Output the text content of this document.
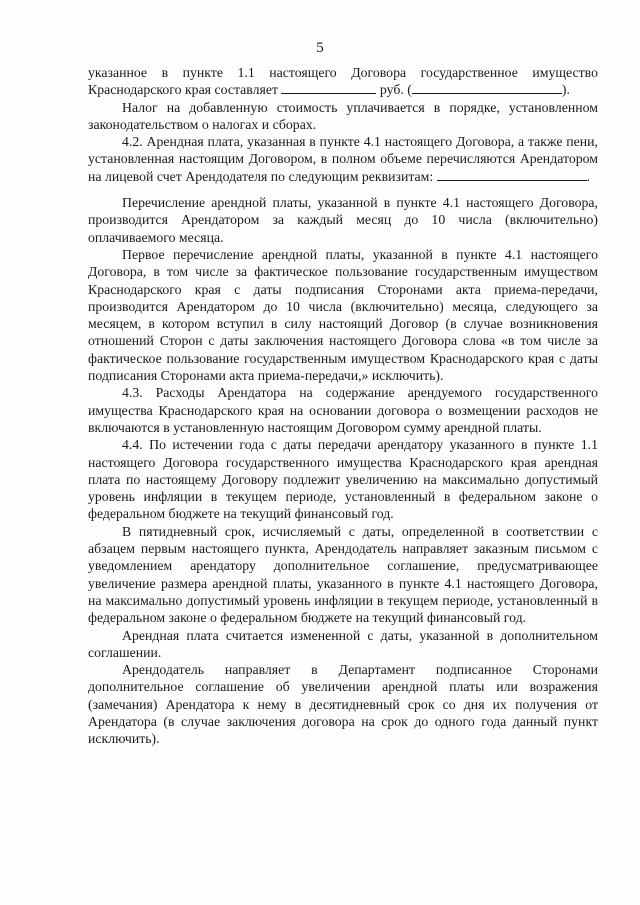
5

указанное в пункте 1.1 настоящего Договора государственное имущество Краснодарского края составляет	руб. (	).

Налог на добавленную стоимость уплачивается в порядке, установленном законодательством о налогах и сборах.

4.2. Арендная плата, указанная в пункте 4.1 настоящего Договора, а также пени, установленная настоящим Договором, в полном объеме перечисляются Арендатором на лицевой счет Арендодателя по следующим реквизитам:	.

Перечисление арендной платы, указанной в пункте 4.1 настоящего Договора, производится Арендатором за каждый месяц до 10 числа (включительно) оплачиваемого месяца.

Первое перечисление арендной платы, указанной в пункте 4.1 настоящего Договора, в том числе за фактическое пользование государственным имуществом Краснодарского края с даты подписания Сторонами акта приема-передачи, производится Арендатором до 10 числа (включительно) месяца, следующего за месяцем, в котором вступил в силу настоящий Договор (в случае возникновения отношений Сторон с даты заключения настоящего Договора слова «в том числе за фактическое пользование государственным имуществом Краснодарского края с даты подписания Сторонами акта приема-передачи,» исключить).

4.3. Расходы Арендатора на содержание арендуемого государственного имущества Краснодарского края на основании договора о возмещении расходов не включаются в установленную настоящим Договором сумму арендной платы.

4.4. По истечении года с даты передачи арендатору указанного в пункте 1.1 настоящего Договора государственного имущества Краснодарского края арендная плата по настоящему Договору подлежит увеличению на максимально допустимый уровень инфляции в текущем периоде, установленный в федеральном законе о федеральном бюджете на текущий финансовый год.

В пятидневный срок, исчисляемый с даты, определенной в соответствии с абзацем первым настоящего пункта, Арендодатель направляет заказным письмом с уведомлением арендатору дополнительное соглашение, предусматривающее увеличение размера арендной платы, указанного в пункте 4.1 настоящего Договора, на максимально допустимый уровень инфляции в текущем периоде, установленный в федеральном законе о федеральном бюджете на текущий финансовый год.

Арендная плата считается измененной с даты, указанной в дополнительном соглашении.

Арендодатель направляет в Департамент подписанное Сторонами дополнительное соглашение об увеличении арендной платы или возражения (замечания) Арендатора к нему в десятидневный срок со дня их получения от Арендатора (в случае заключения договора на срок до одного года данный пункт исключить).
